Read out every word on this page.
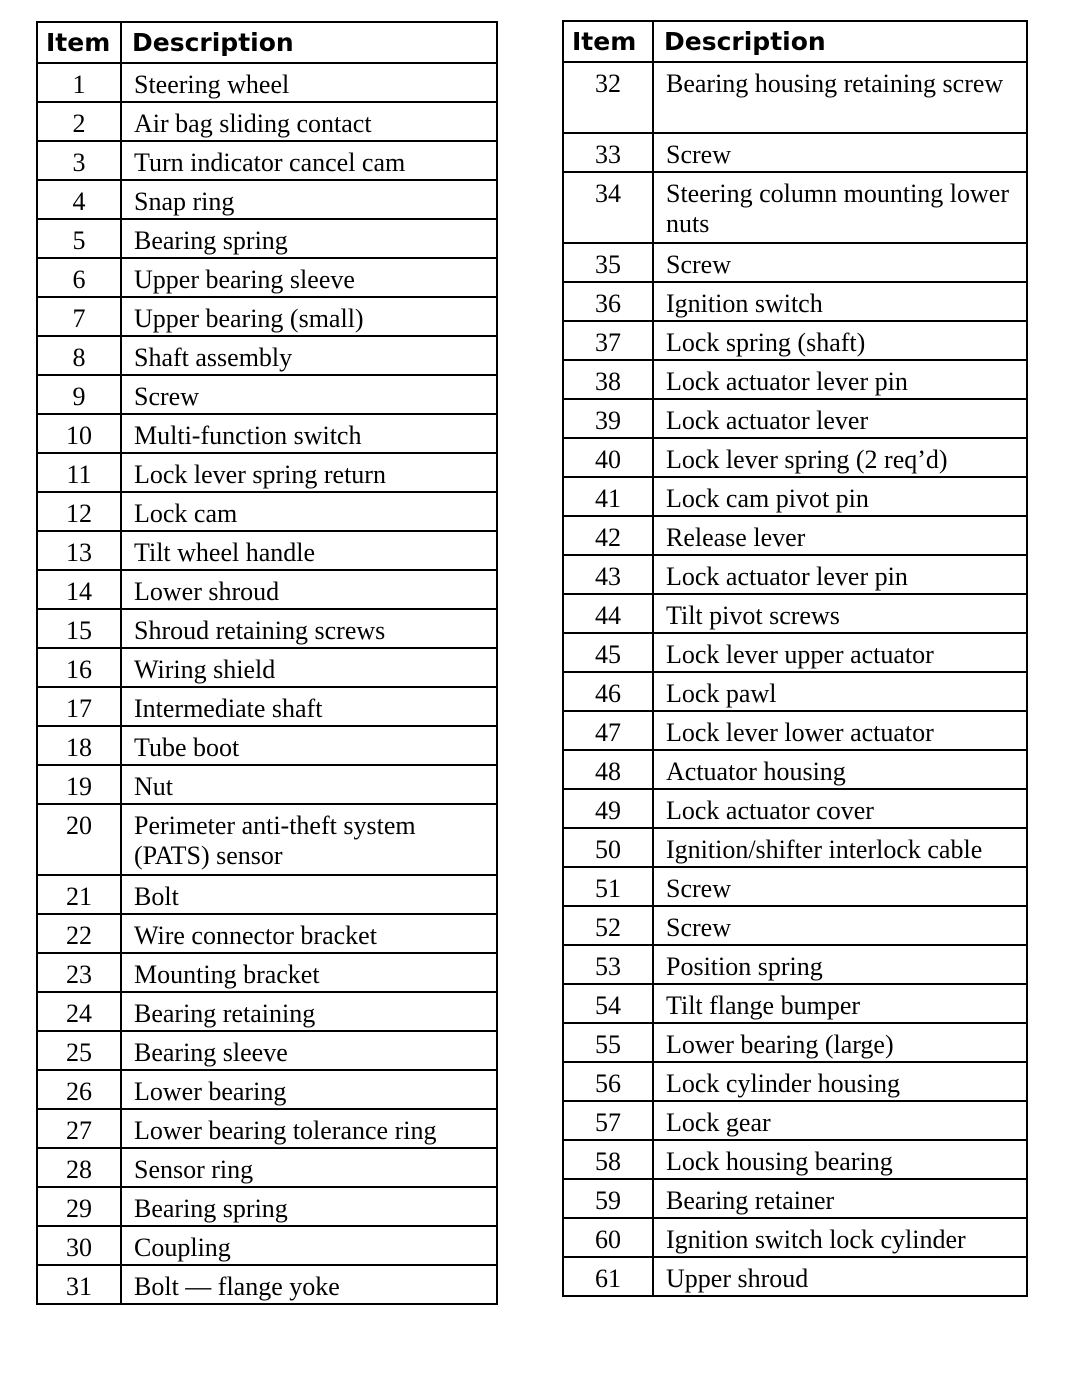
Item	Description
1	Steering wheel
2	Air bag sliding contact
3	Turn indicator cancel cam
4	Snap ring
5	Bearing spring
6	Upper bearing sleeve
7	Upper bearing (small)
8	Shaft assembly
9	Screw
10	Multi-function switch
11	Lock lever spring return
12	Lock cam
13	Tilt wheel handle
14	Lower shroud
15	Shroud retaining screws
16	Wiring shield
17	Intermediate shaft
18	Tube boot
19	Nut
20	Perimeter anti-theft system (PATS) sensor
21	Bolt
22	Wire connector bracket
23	Mounting bracket
24	Bearing retaining
25	Bearing sleeve
26	Lower bearing
27	Lower bearing tolerance ring
28	Sensor ring
29	Bearing spring
30	Coupling
31	Bolt — flange yoke
Item	Description
32	Bearing housing retaining screw
33	Screw
34	Steering column mounting lower nuts
35	Screw
36	Ignition switch
37	Lock spring (shaft)
38	Lock actuator lever pin
39	Lock actuator lever
40	Lock lever spring (2 req’d)
41	Lock cam pivot pin
42	Release lever
43	Lock actuator lever pin
44	Tilt pivot screws
45	Lock lever upper actuator
46	Lock pawl
47	Lock lever lower actuator
48	Actuator housing
49	Lock actuator cover
50	Ignition/shifter interlock cable
51	Screw
52	Screw
53	Position spring
54	Tilt flange bumper
55	Lower bearing (large)
56	Lock cylinder housing
57	Lock gear
58	Lock housing bearing
59	Bearing retainer
60	Ignition switch lock cylinder
61	Upper shroud
